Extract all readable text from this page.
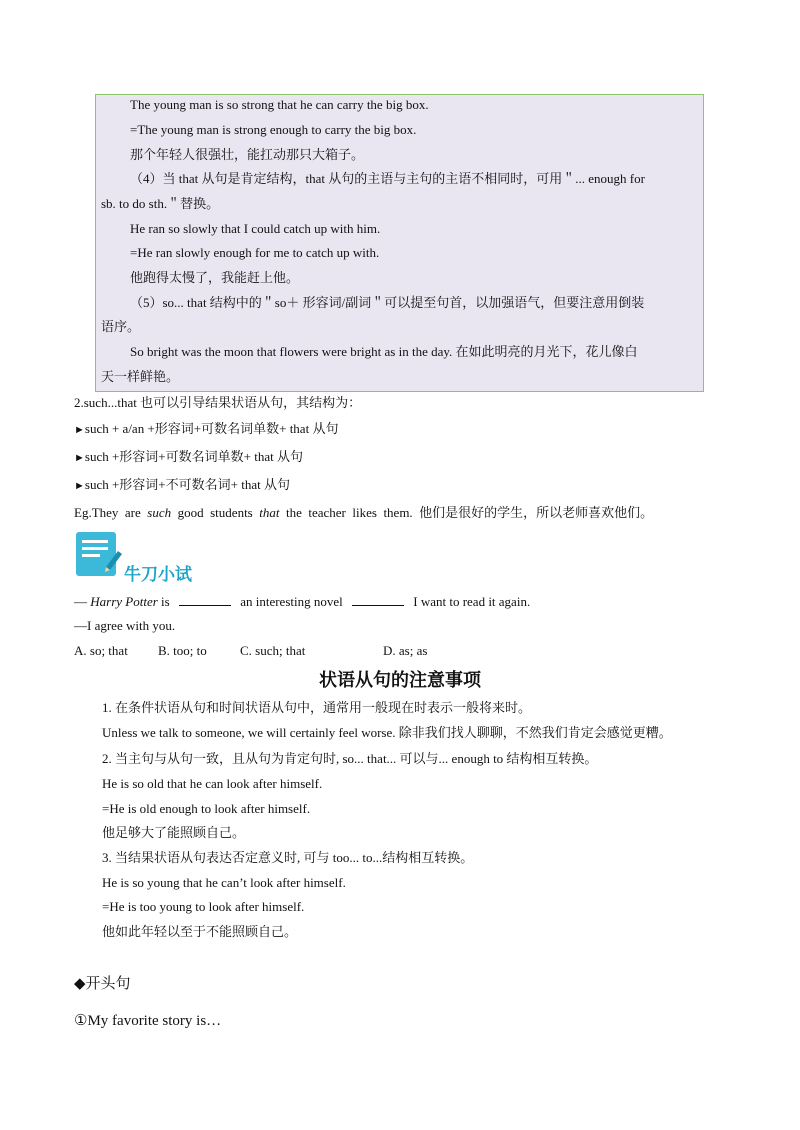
The young man is so strong that he can carry the big box.
=The young man is strong enough to carry the big box.
那个年轻人很强壮，能扛动那只大箱子。
（4）当 that 从句是肯定结构，that 从句的主语与主句的主语不相同时，可用＂... enough for
sb. to do sth.＂替换。
He ran so slowly that I could catch up with him.
=He ran slowly enough for me to catch up with.
他跑得太慢了，我能赶上他。
（5）so... that 结构中的＂so＋ 形容词/副词＂可以提至句首，以加强语气，但要注意用倒装
语序。
So bright was the moon that flowers were bright as in the day. 在如此明亮的月光下，花儿像白
天一样鲜艳。
2.such...that 也可以引导结果状语从句，其结构为：
►such + a/an +形容词+可数名词单数+ that 从句
►such +形容词+可数名词单数+ that 从句
►such +形容词+不可数名词+ that 从句
Eg.They  are  such  good  students  that  the  teacher  likes  them.  他们是很好的学生，所以老师喜欢他们。
牛刀小试
— Harry Potter is	an interesting novel	I want to read it again.
—I agree with you.
A. so; that B. too; to	C. such; that	D. as; as
状语从句的注意事项
1. 在条件状语从句和时间状语从句中，通常用一般现在时表示一般将来时。
Unless we talk to someone, we will certainly feel worse. 除非我们找人聊聊，不然我们肯定会感觉更糟。
2. 当主句与从句一致，且从句为肯定句时, so... that... 可以与... enough to 结构相互转换。
He is so old that he can look after himself.
=He is old enough to look after himself.
他足够大了能照顾自己。
3. 当结果状语从句表达否定意义时, 可与 too... to...结构相互转换。
He is so young that he can’t look after himself.
=He is too young to look after himself.
他如此年轻以至于不能照顾自己。
◆开头句
①My favorite story is…
